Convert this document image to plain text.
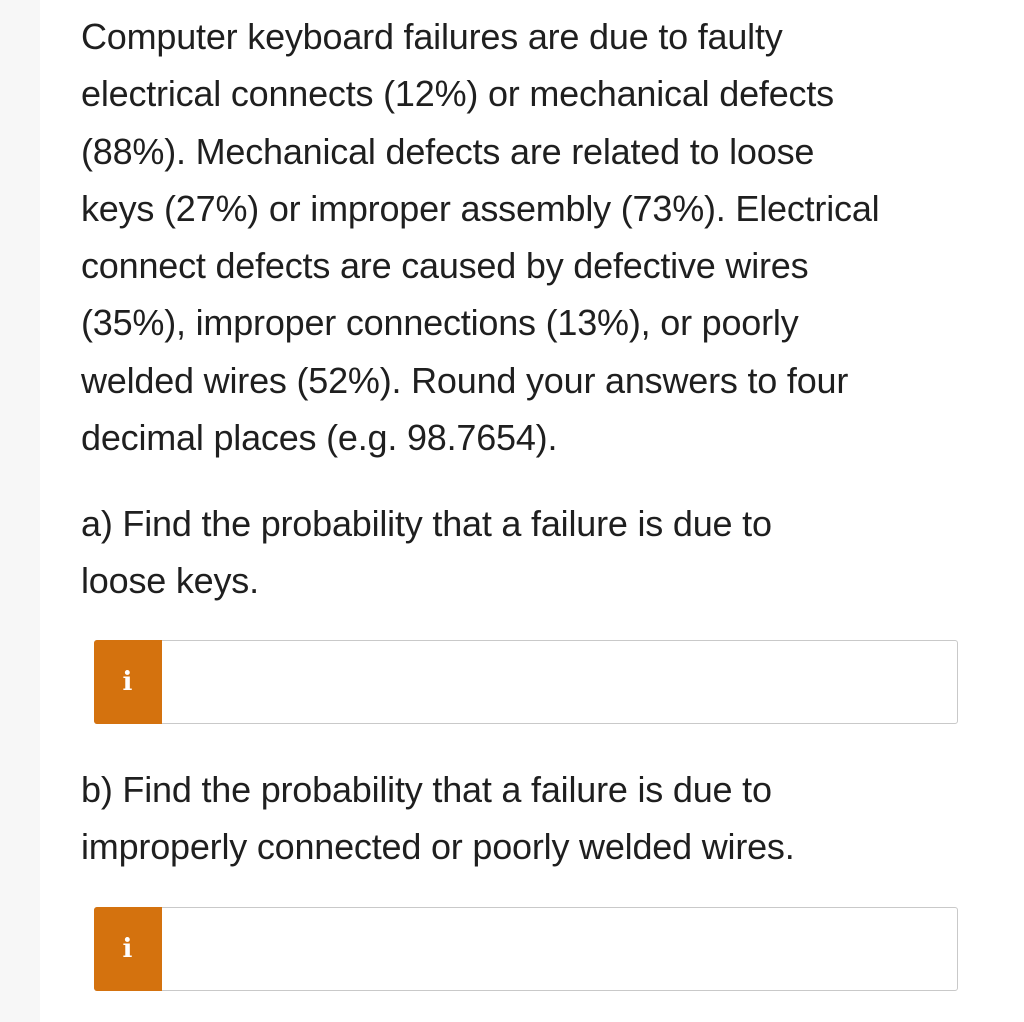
Computer keyboard failures are due to faulty
electrical connects (12%) or mechanical defects
(88%). Mechanical defects are related to loose
keys (27%) or improper assembly (73%). Electrical
connect defects are caused by defective wires
(35%), improper connections (13%), or poorly
welded wires (52%). Round your answers to four
decimal places (e.g. 98.7654).

a) Find the probability that a failure is due to
loose keys.

b) Find the probability that a failure is due to
improperly connected or poorly welded wires.

i
i
